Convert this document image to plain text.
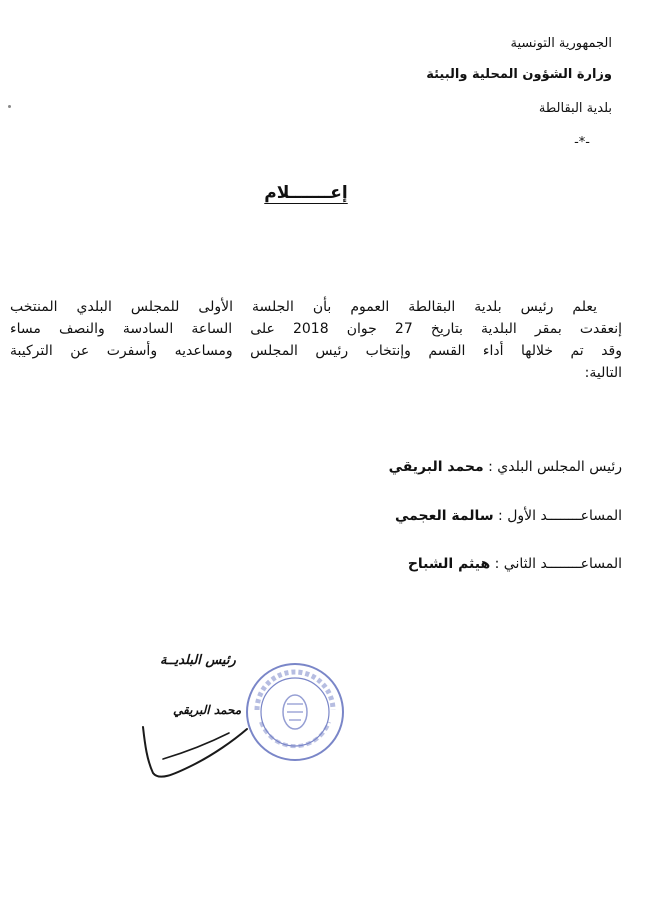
الجمهورية التونسية
وزارة الشؤون المحلية والبيئة
بلدية البقالطة
-*-
إعـــــــلام

يعلم رئيس بلدية البقالطة العموم بأن الجلسة الأولى للمجلس البلدي المنتخب

إنعقدت بمقر البلدية بتاريخ 27 جوان 2018 على الساعة السادسة والنصف مساء

وقد تم خلالها أداء القسم وإنتخاب رئيس المجلس ومساعديه وأسفرت عن التركيبة

التالية:

رئيس المجلس البلدي : محمد البريقي
المساعــــــــد الأول : سالمة العجمي
المساعــــــــد الثاني : هيثم الشباح
رئيس البلديــة
محمد البريقي
